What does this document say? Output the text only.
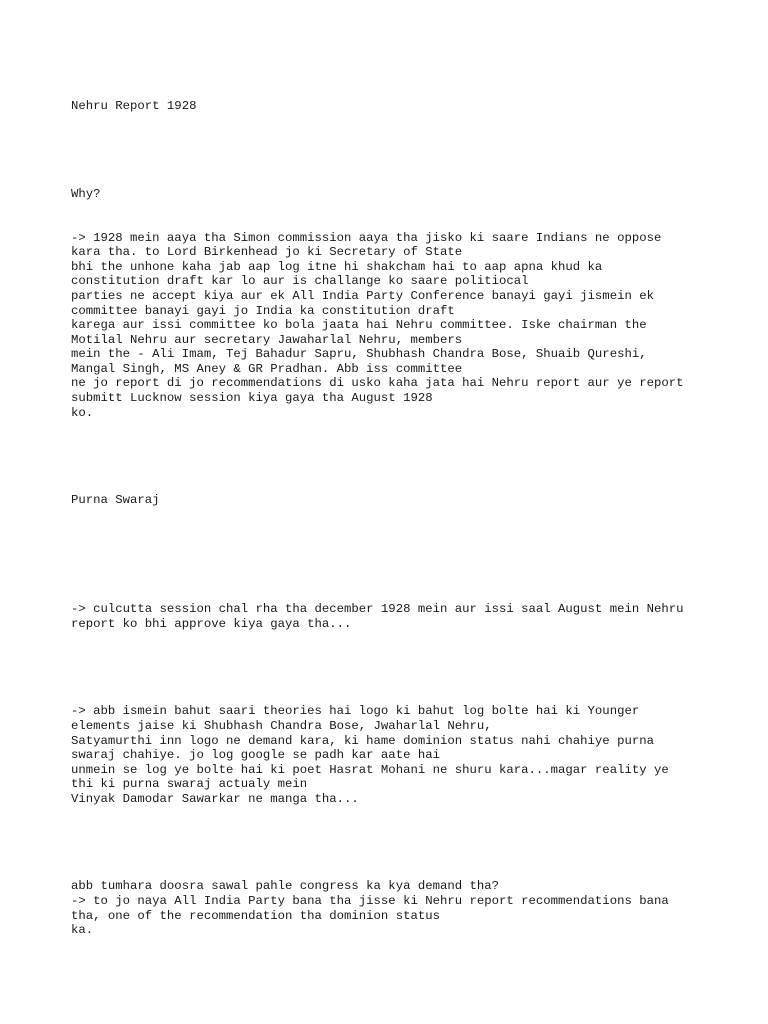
Nehru Report 1928

Why?

-> 1928 mein aaya tha Simon commission aaya tha jisko ki saare Indians ne oppose
kara tha. to Lord Birkenhead jo ki Secretary of State
bhi the unhone kaha jab aap log itne hi shakcham hai to aap apna khud ka
constitution draft kar lo aur is challange ko saare politiocal
parties ne accept kiya aur ek All India Party Conference banayi gayi jismein ek
committee banayi gayi jo India ka constitution draft
karega aur issi committee ko bola jaata hai Nehru committee. Iske chairman the
Motilal Nehru aur secretary Jawaharlal Nehru, members
mein the - Ali Imam, Tej Bahadur Sapru, Shubhash Chandra Bose, Shuaib Qureshi,
Mangal Singh, MS Aney & GR Pradhan. Abb iss committee
ne jo report di jo recommendations di usko kaha jata hai Nehru report aur ye report
submitt Lucknow session kiya gaya tha August 1928
ko.

Purna Swaraj

-> culcutta session chal rha tha december 1928 mein aur issi saal August mein Nehru
report ko bhi approve kiya gaya tha...

-> abb ismein bahut saari theories hai logo ki bahut log bolte hai ki Younger
elements jaise ki Shubhash Chandra Bose, Jwaharlal Nehru,
Satyamurthi inn logo ne demand kara, ki hame dominion status nahi chahiye purna
swaraj chahiye. jo log google se padh kar aate hai
unmein se log ye bolte hai ki poet Hasrat Mohani ne shuru kara...magar reality ye
thi ki purna swaraj actualy mein
Vinyak Damodar Sawarkar ne manga tha...

abb tumhara doosra sawal pahle congress ka kya demand tha?
-> to jo naya All India Party bana tha jisse ki Nehru report recommendations bana
tha, one of the recommendation tha dominion status
ka.
